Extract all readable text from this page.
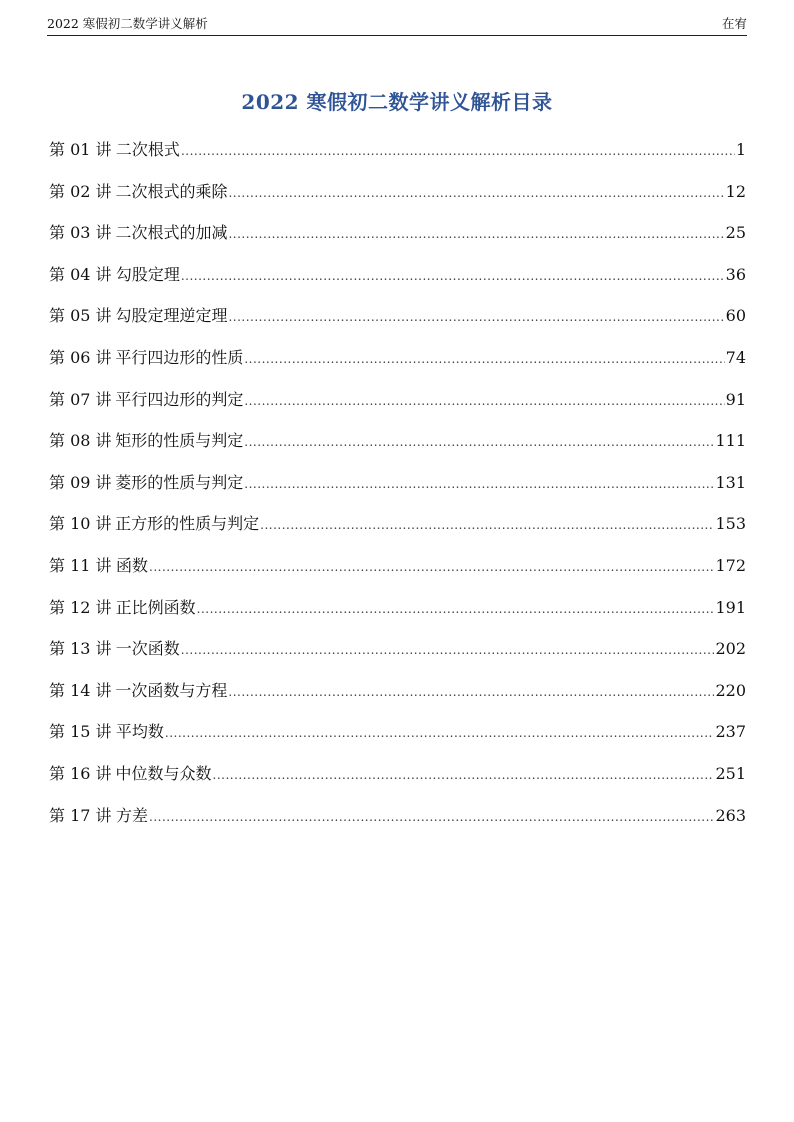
2022 寒假初二数学讲义解析	在宥
2022 寒假初二数学讲义解析目录
第 01 讲 二次根式 .....	1
第 02 讲 二次根式的乘除 .....	12
第 03 讲 二次根式的加减 .....	25
第 04 讲 勾股定理 .....	36
第 05 讲 勾股定理逆定理 .....	60
第 06 讲 平行四边形的性质 .....	74
第 07 讲 平行四边形的判定 .....	91
第 08 讲 矩形的性质与判定 .....	111
第 09 讲 菱形的性质与判定 .....	131
第 10 讲 正方形的性质与判定 .....	153
第 11 讲 函数 .....	172
第 12 讲 正比例函数 .....	191
第 13 讲 一次函数 .....	202
第 14 讲 一次函数与方程 .....	220
第 15 讲 平均数 .....	237
第 16 讲 中位数与众数 .....	251
第 17 讲 方差 .....	263
